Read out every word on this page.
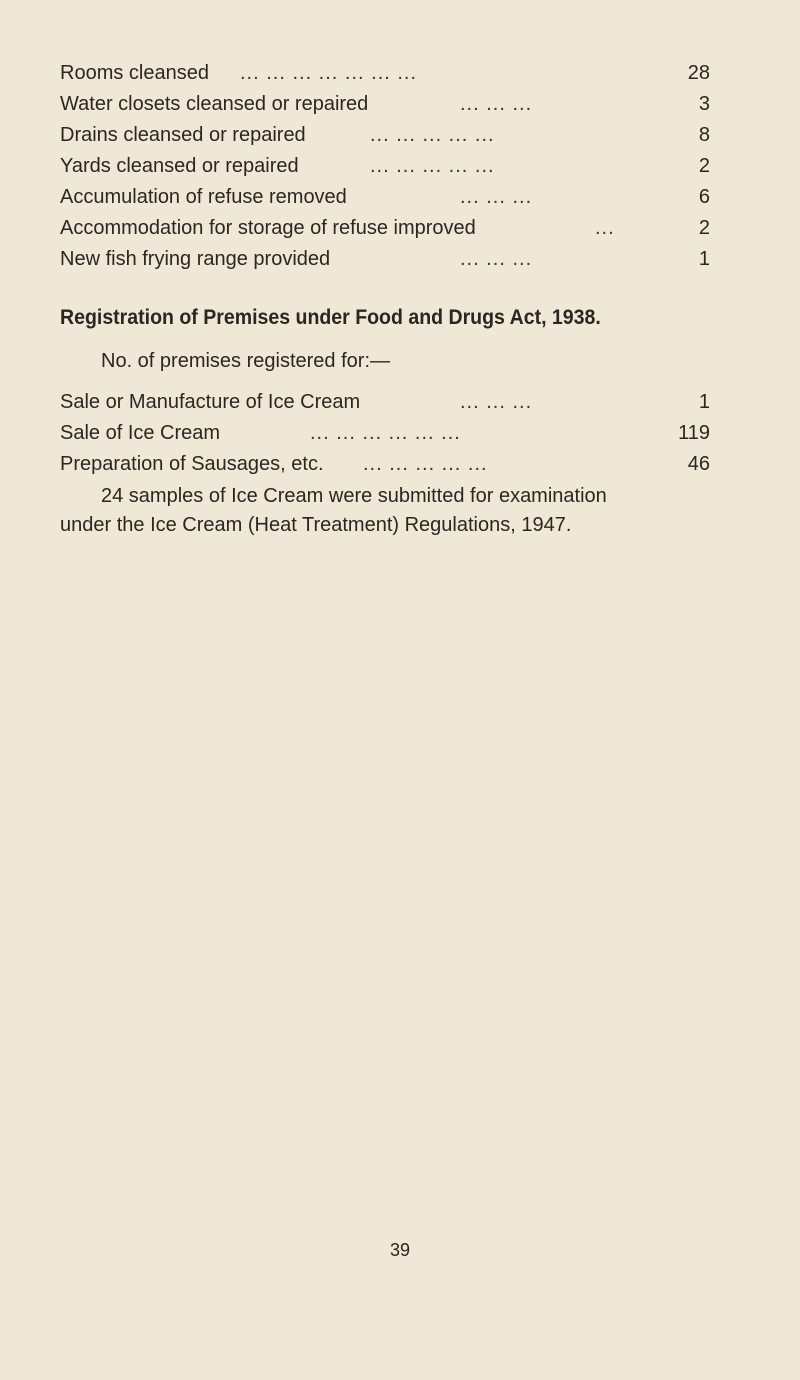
Rooms cleansed ... ... ... ... ... ... ...	28
Water closets cleansed or repaired	... ... ...	3
Drains cleansed or repaired	... ... ... ... ...	8
Yards cleansed or repaired	... ... ... ... ...	2
Accumulation of refuse removed	... ... ...	6
Accommodation for storage of refuse improved	...	2
New fish frying range provided	... ... ...	1
Registration of Premises under Food and Drugs Act, 1938.
No. of premises registered for:—
Sale or Manufacture of Ice Cream	... ... ...	1
Sale of Ice Cream	... ... ... ... ... ...	119
Preparation of Sausages, etc. ... ... ... ... ...	46
24 samples of Ice Cream were submitted for examination
under the Ice Cream (Heat Treatment) Regulations, 1947.
39
